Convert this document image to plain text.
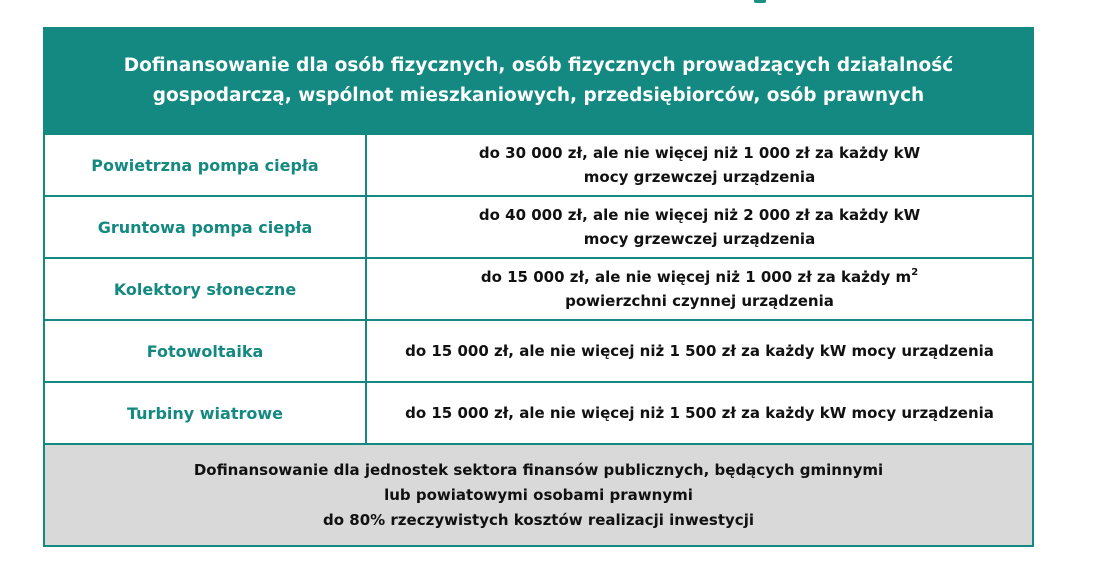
Dofinansowanie dla osób fizycznych, osób fizycznych prowadzących działalność
gospodarczą, wspólnot mieszkaniowych, przedsiębiorców, osób prawnych
Powietrzna pompa ciepła
do 30 000 zł, ale nie więcej niż 1 000 zł za każdy kW
mocy grzewczej urządzenia
Gruntowa pompa ciepła
do 40 000 zł, ale nie więcej niż 2 000 zł za każdy kW
mocy grzewczej urządzenia
Kolektory słoneczne
do 15 000 zł, ale nie więcej niż 1 000 zł za każdy $m^2$
powierzchni czynnej urządzenia
Fotowoltaika	do 15 000 zł, ale nie więcej niż 1 500 zł za każdy kW mocy urządzenia
Turbiny wiatrowe	do 15 000 zł, ale nie więcej niż 1 500 zł za każdy kW mocy urządzenia
Dofinansowanie dla jednostek sektora finansów publicznych, będących gminnymi
lub powiatowymi osobami prawnymi
do 80% rzeczywistych kosztów realizacji inwestycji
